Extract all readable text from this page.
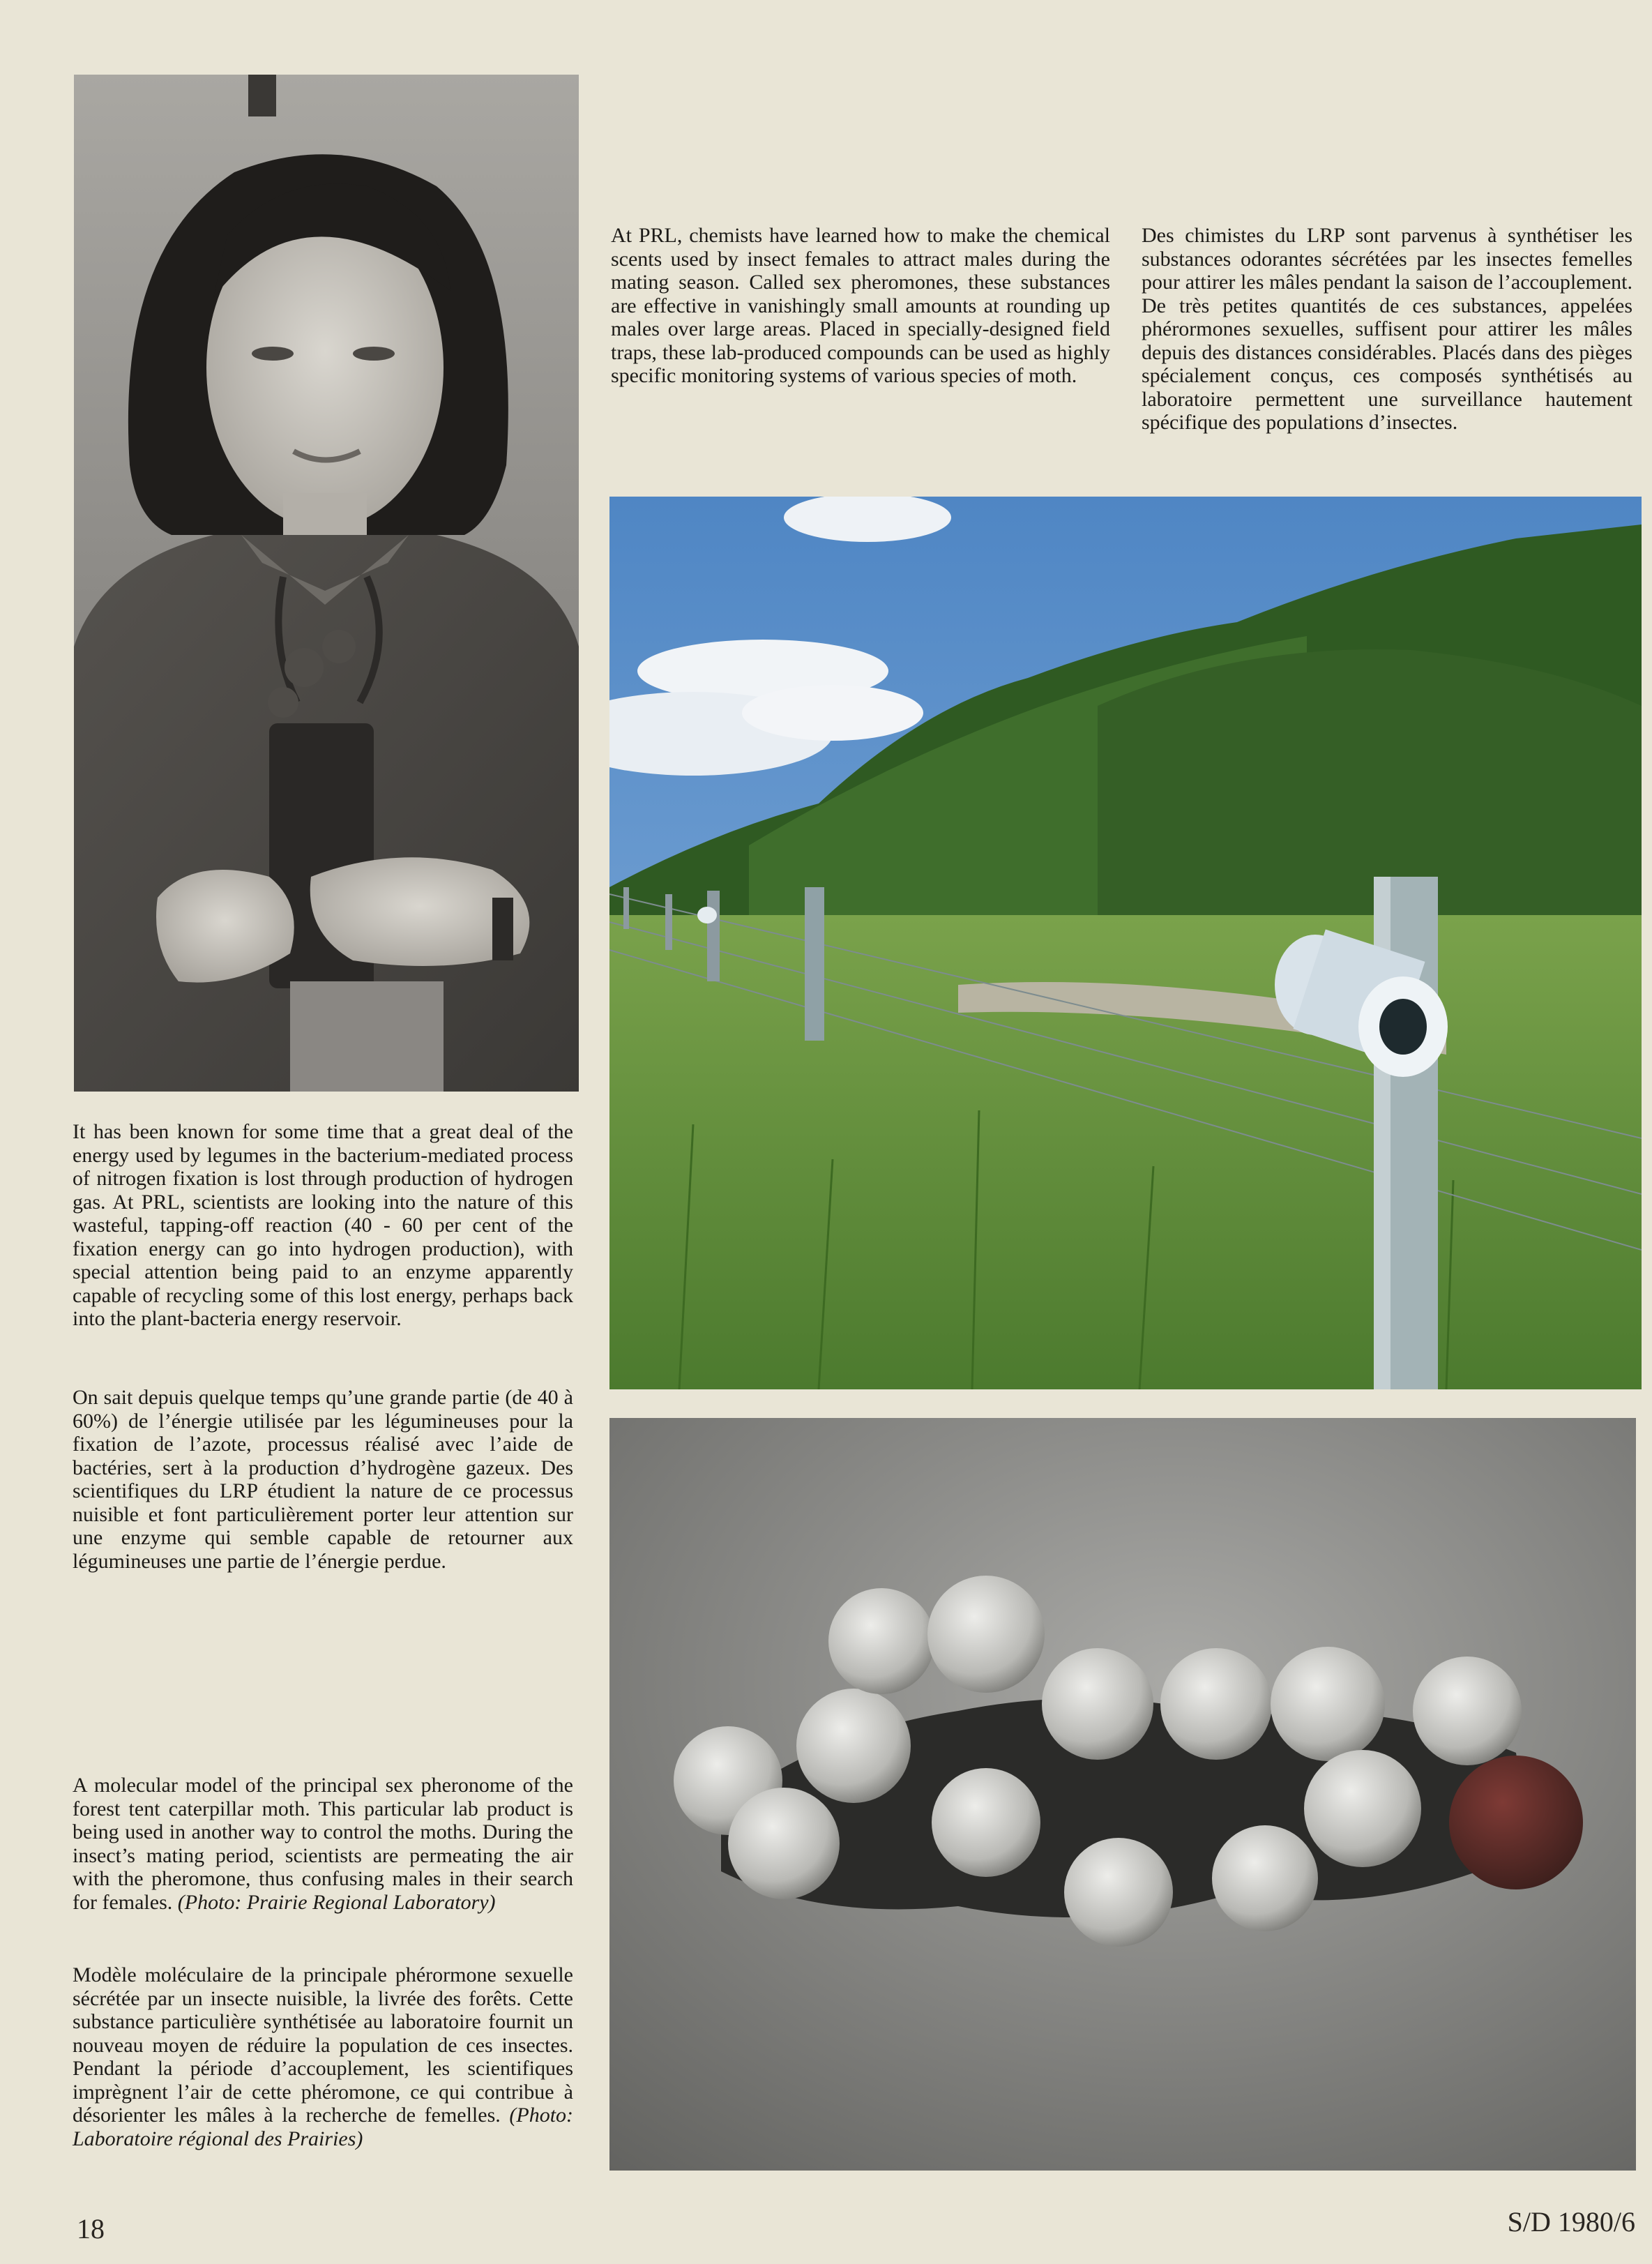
At PRL, chemists have learned how to make the chemical scents used by insect females to attract males during the mating season. Called sex pheromones, these substances are effective in vanishingly small amounts at rounding up males over large areas. Placed in specially-designed field traps, these lab-produced compounds can be used as highly specific monitoring systems of various species of moth.

Des chimistes du LRP sont parvenus à synthétiser les substances odorantes sécrétées par les insectes femelles pour attirer les mâles pendant la saison de l’accouplement. De très petites quantités de ces substances, appelées phérormones sexuelles, suffisent pour attirer les mâles depuis des distances considérables. Placés dans des pièges spécialement conçus, ces composés synthétisés au laboratoire permettent une surveillance hautement spécifique des populations d’insectes.

It has been known for some time that a great deal of the energy used by legumes in the bacterium-mediated process of nitrogen fixation is lost through production of hydrogen gas. At PRL, scientists are looking into the nature of this wasteful, tapping-off reaction (40 - 60 per cent of the fixation energy can go into hydrogen production), with special attention being paid to an enzyme apparently capable of recycling some of this lost energy, perhaps back into the plant-bacteria energy reservoir.

On sait depuis quelque temps qu’une grande partie (de 40 à 60%) de l’énergie utilisée par les légumineuses pour la fixation de l’azote, processus réalisé avec l’aide de bactéries, sert à la production d’hydrogène gazeux. Des scientifiques du LRP étudient la nature de ce processus nuisible et font particulièrement porter leur attention sur une enzyme qui semble capable de retourner aux légumineuses une partie de l’énergie perdue.

A molecular model of the principal sex pheronome of the forest tent caterpillar moth. This particular lab product is being used in another way to control the moths. During the insect’s mating period, scientists are permeating the air with the pheromone, thus confusing males in their search for females. (Photo: Prairie Regional Laboratory)

Modèle moléculaire de la principale phérormone sexuelle sécrétée par un insecte nuisible, la livrée des forêts. Cette substance particulière synthétisée au laboratoire fournit un nouveau moyen de réduire la population de ces insectes. Pendant la période d’accouplement, les scientifiques imprègnent l’air de cette phéromone, ce qui contribue à désorienter les mâles à la recherche de femelles. (Photo: Laboratoire régional des Prairies)

18	S/D 1980/6
